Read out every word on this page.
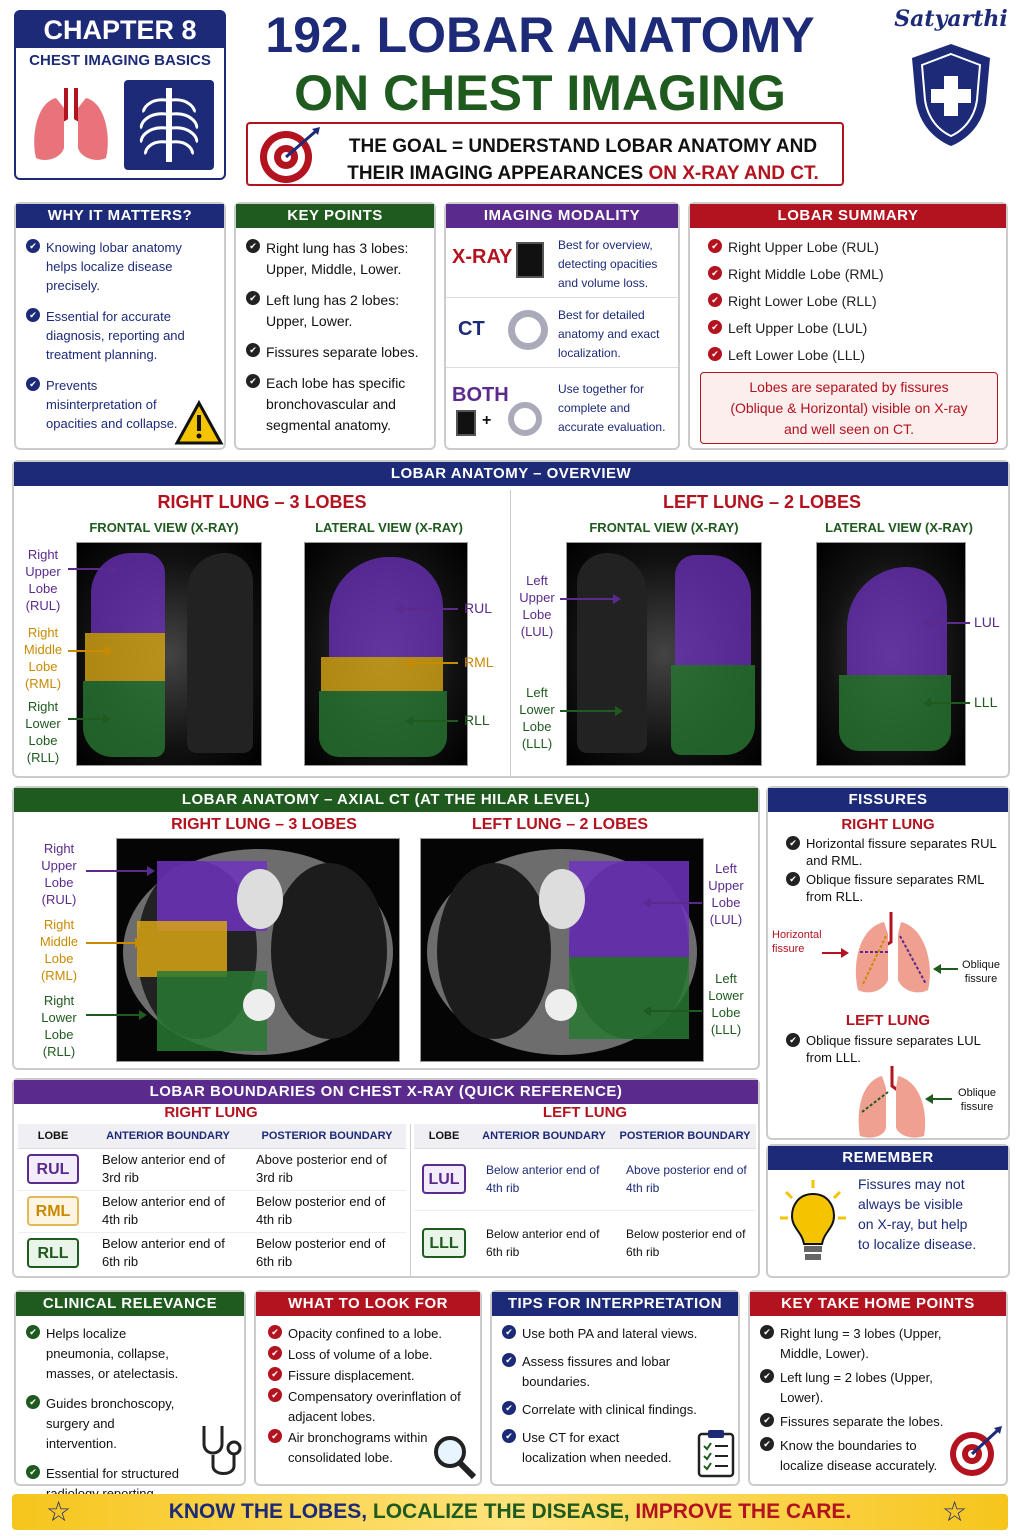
CHAPTER 8
CHEST IMAGING BASICS	192. LOBAR ANATOMY
ON CHEST IMAGING
Satyarthi
THE GOAL = UNDERSTAND LOBAR ANATOMY AND
THEIR IMAGING APPEARANCES ON X-RAY AND CT.
WHY IT MATTERS?
✔ Knowing lobar anatomy helps localize disease precisely.
✔ Essential for accurate diagnosis, reporting and treatment planning.
✔ Prevents misinterpretation of opacities and collapse.
KEY POINTS
✔ Right lung has 3 lobes: Upper, Middle, Lower.
✔ Left lung has 2 lobes: Upper, Lower.
✔ Fissures separate lobes.
✔ Each lobe has specific bronchovascular and segmental anatomy.
IMAGING MODALITY
X-RAY
Best for overview, detecting opacities and volume loss.
CT
Best for detailed anatomy and exact localization.
BOTH
+
Use together for complete and accurate evaluation.
LOBAR SUMMARY
✔ Right Upper Lobe (RUL)
✔ Right Middle Lobe (RML)
✔ Right Lower Lobe (RLL)
✔ Left Upper Lobe (LUL)
✔ Left Lower Lobe (LLL)
Lobes are separated by fissures (Oblique & Horizontal) visible on X-ray and well seen on CT.
LOBAR ANATOMY – OVERVIEW
RIGHT LUNG – 3 LOBES	LEFT LUNG – 2 LOBES
FRONTAL VIEW (X-RAY)	LATERAL VIEW (X-RAY)	FRONTAL VIEW (X-RAY)	LATERAL VIEW (X-RAY)
Right Upper Lobe (RUL)
Right Middle Lobe (RML)
Right Lower Lobe (RLL)
RUL
RML
RLL
Left Upper Lobe (LUL)
Left Lower Lobe (LLL)
LUL
LLL
LOBAR ANATOMY – AXIAL CT (AT THE HILAR LEVEL)
RIGHT LUNG – 3 LOBES	LEFT LUNG – 2 LOBES
Right Upper Lobe (RUL)
Right Middle Lobe (RML)
Right Lower Lobe (RLL)
Left Upper Lobe (LUL)
Left Lower Lobe (LLL)
FISSURES
RIGHT LUNG
✔ Horizontal fissure separates RUL and RML.
✔ Oblique fissure separates RML from RLL.
Horizontal fissure
Oblique fissure
LEFT LUNG
✔ Oblique fissure separates LUL from LLL.
Oblique fissure
LOBAR BOUNDARIES ON CHEST X-RAY (QUICK REFERENCE)
RIGHT LUNG	LEFT LUNG
LOBE	ANTERIOR BOUNDARY	POSTERIOR BOUNDARY
RUL	Below anterior end of 3rd rib	Above posterior end of 3rd rib
RML	Below anterior end of 4th rib	Below posterior end of 4th rib
RLL	Below anterior end of 6th rib	Below posterior end of 6th rib
LOBE	ANTERIOR BOUNDARY	POSTERIOR BOUNDARY
LUL	Below anterior end of 4th rib	Above posterior end of 4th rib
LLL	Below anterior end of 6th rib	Below posterior end of 6th rib
REMEMBER
Fissures may not always be visible on X-ray, but help to localize disease.
CLINICAL RELEVANCE
✔ Helps localize pneumonia, collapse, masses, or atelectasis.
✔ Guides bronchoscopy, surgery and intervention.
✔ Essential for structured
WHAT TO LOOK FOR
✔ Opacity confined to a lobe.
✔ Loss of volume of a lobe.
✔ Fissure displacement.
✔ Compensatory overinflation of adjacent lobes.
✔ Air bronchograms within consolidated lobe.
TIPS FOR INTERPRETATION
✔ Use both PA and lateral views.
✔ Assess fissures and lobar boundaries.
✔ Correlate with clinical findings.
✔ Use CT for exact localization when needed.
KEY TAKE HOME POINTS
✔ Right lung = 3 lobes (Upper, Middle, Lower).
✔ Left lung = 2 lobes (Upper, Lower).
✔ Fissures separate the lobes.
✔ Know the boundaries to localize disease accurately.
☆	KNOW THE LOBES, LOCALIZE THE DISEASE, IMPROVE THE CARE.	☆
